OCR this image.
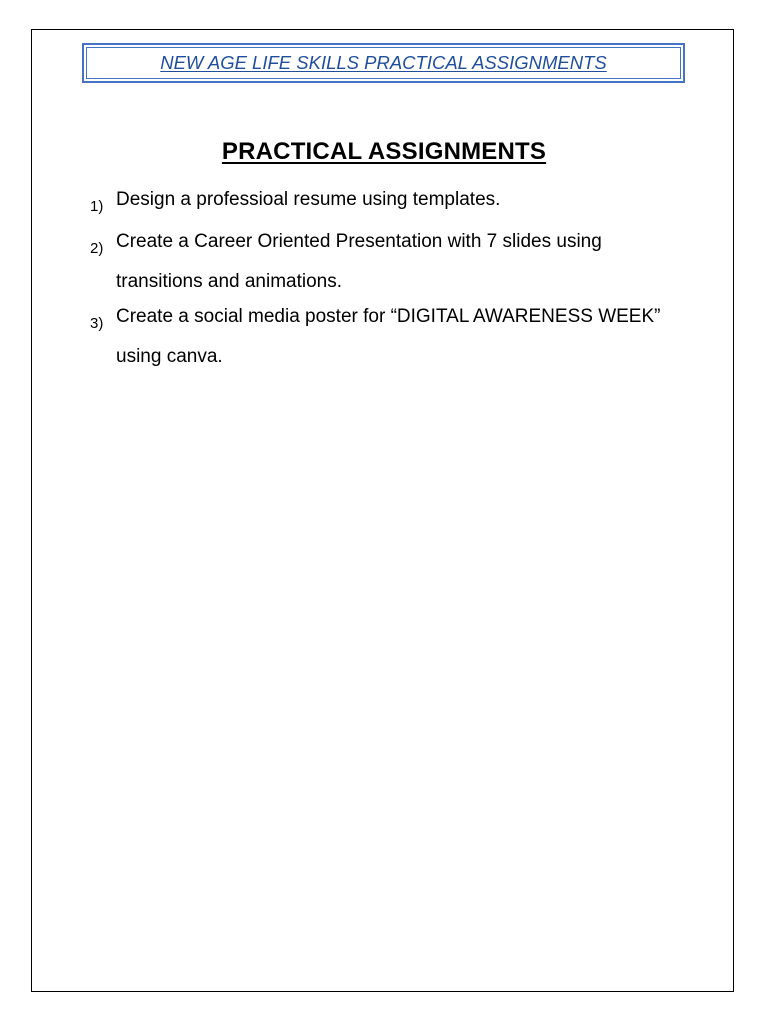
NEW AGE LIFE SKILLS PRACTICAL ASSIGNMENTS
PRACTICAL ASSIGNMENTS
1) Design a professioal resume using templates.
2) Create a Career Oriented Presentation with 7 slides using transitions and animations.
3) Create a social media poster for “DIGITAL AWARENESS WEEK” using canva.
